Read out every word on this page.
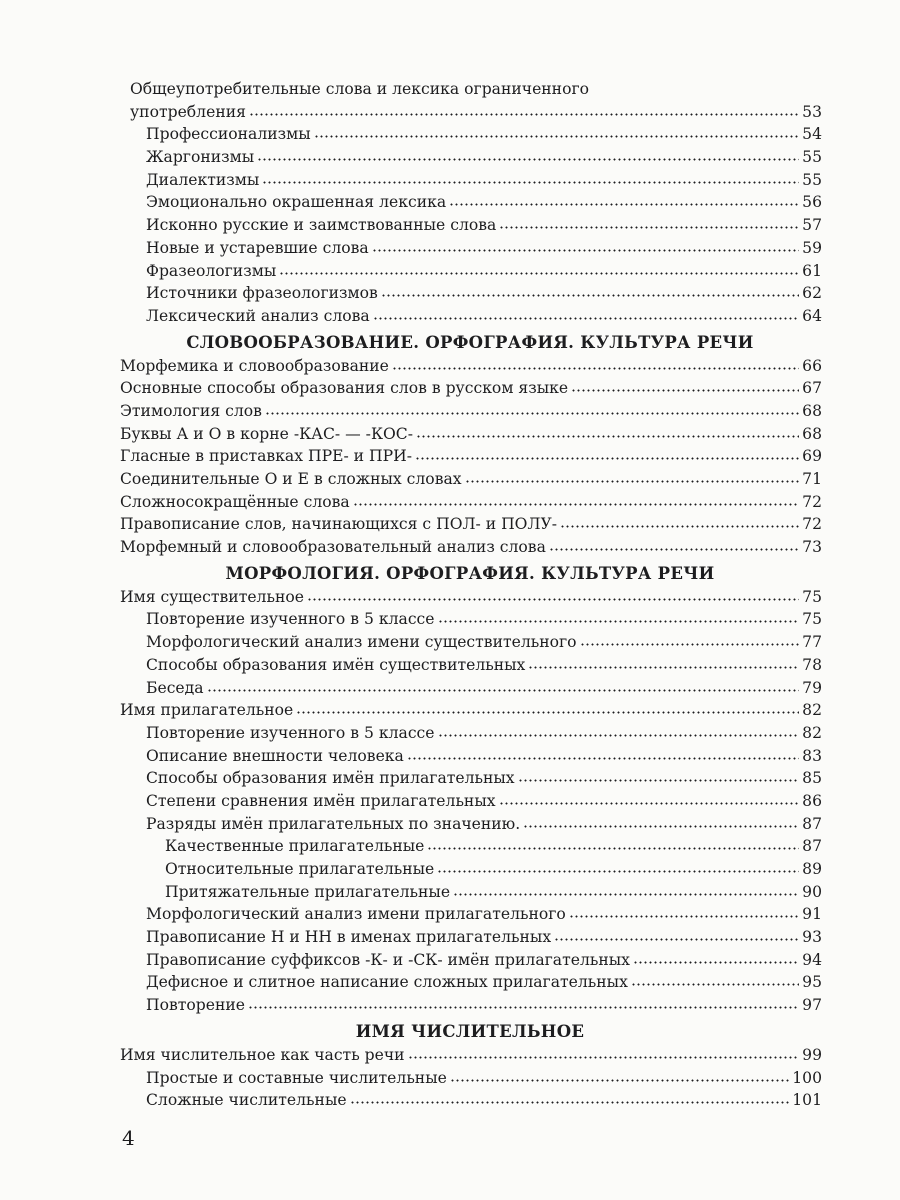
Общеупотребительные слова и лексика ограниченного
употребления	53
Профессионализмы	54
Жаргонизмы	55
Диалектизмы	55
Эмоционально окрашенная лексика	56
Исконно русские и заимствованные слова	57
Новые и устаревшие слова	59
Фразеологизмы	61
Источники фразеологизмов	62
Лексический анализ слова	64
СЛОВООБРАЗОВАНИЕ. ОРФОГРАФИЯ. КУЛЬТУРА РЕЧИ
Морфемика и словообразование	66
Основные способы образования слов в русском языке	67
Этимология слов	68
Буквы А и О в корне -КАС- — -КОС-	68
Гласные в приставках ПРЕ- и ПРИ-	69
Соединительные О и Е в сложных словах	71
Сложносокращённые слова	72
Правописание слов, начинающихся с ПОЛ- и ПОЛУ-	72
Морфемный и словообразовательный анализ слова	73
МОРФОЛОГИЯ. ОРФОГРАФИЯ. КУЛЬТУРА РЕЧИ
Имя существительное	75
Повторение изученного в 5 классе	75
Морфологический анализ имени существительного	77
Способы образования имён существительных	78
Беседа	79
Имя прилагательное	82
Повторение изученного в 5 классе	82
Описание внешности человека	83
Способы образования имён прилагательных	85
Степени сравнения имён прилагательных	86
Разряды имён прилагательных по значению.	87
Качественные прилагательные	87
Относительные прилагательные	89
Притяжательные прилагательные	90
Морфологический анализ имени прилагательного	91
Правописание Н и НН в именах прилагательных	93
Правописание суффиксов -К- и -СК- имён прилагательных	94
Дефисное и слитное написание сложных прилагательных	95
Повторение	97
ИМЯ ЧИСЛИТЕЛЬНОЕ
Имя числительное как часть речи	99
Простые и составные числительные	100
Сложные числительные	101
4
